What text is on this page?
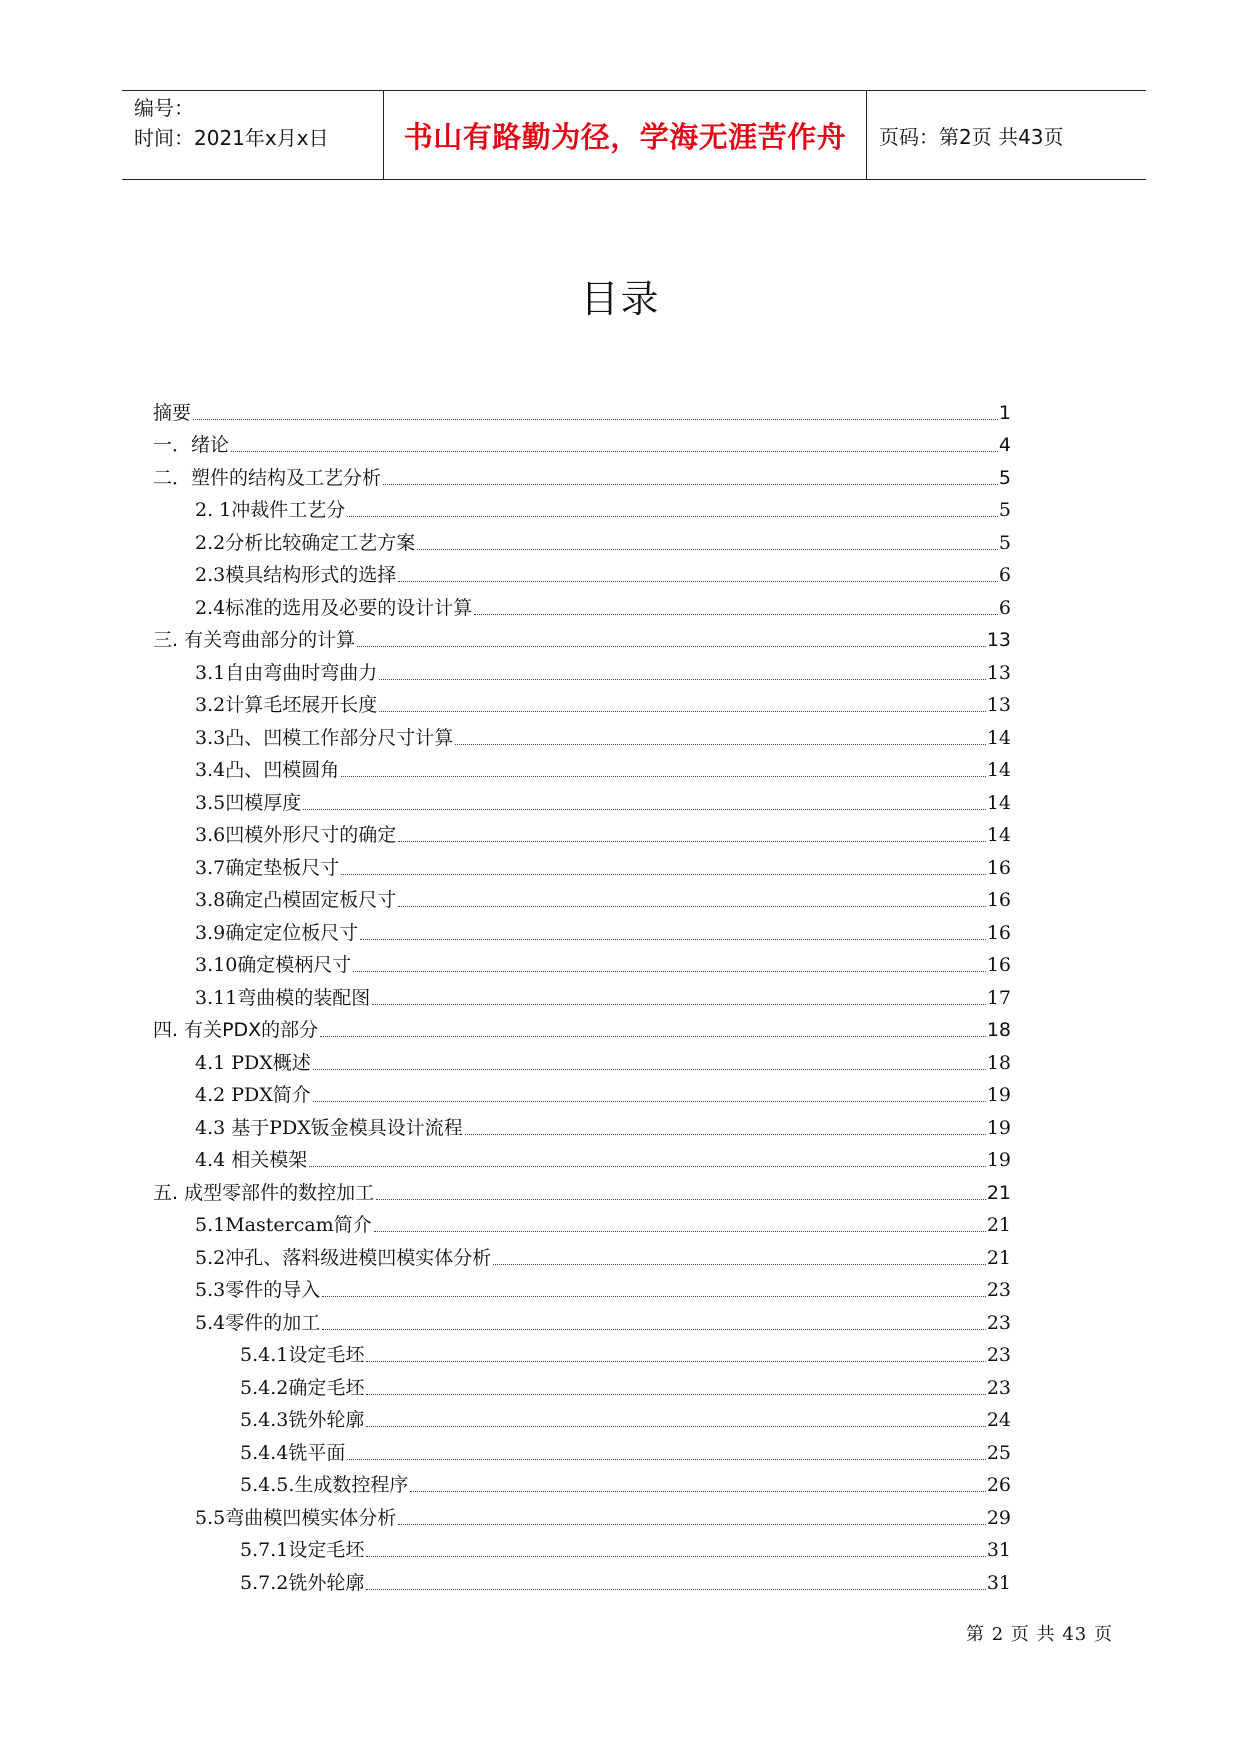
编号：
时间：2021年x月x日	书山有路勤为径，学海无涯苦作舟	页码：第2页 共43页
目录
摘要	1
一．绪论	4
二．塑件的结构及工艺分析	5
2. 1冲裁件工艺分	5
2.2分析比较确定工艺方案	5
2.3模具结构形式的选择	6
2.4标准的选用及必要的设计计算	6
三. 有关弯曲部分的计算	13
3.1自由弯曲时弯曲力	13
3.2计算毛坯展开长度	13
3.3凸、凹模工作部分尺寸计算	14
3.4凸、凹模圆角	14
3.5凹模厚度	14
3.6凹模外形尺寸的确定	14
3.7确定垫板尺寸	16
3.8确定凸模固定板尺寸	16
3.9确定定位板尺寸	16
3.10确定模柄尺寸	16
3.11弯曲模的装配图	17
四. 有关PDX的部分	18
4.1 PDX概述	18
4.2 PDX简介	19
4.3 基于PDX钣金模具设计流程	19
4.4 相关模架	19
五. 成型零部件的数控加工	21
5.1Mastercam简介	21
5.2冲孔、落料级进模凹模实体分析	21
5.3零件的导入	23
5.4零件的加工	23
5.4.1设定毛坯	23
5.4.2确定毛坯	23
5.4.3铣外轮廓	24
5.4.4铣平面	25
5.4.5.生成数控程序	26
5.5弯曲模凹模实体分析	29
5.7.1设定毛坯	31
5.7.2铣外轮廓	31
第 2 页 共 43 页
